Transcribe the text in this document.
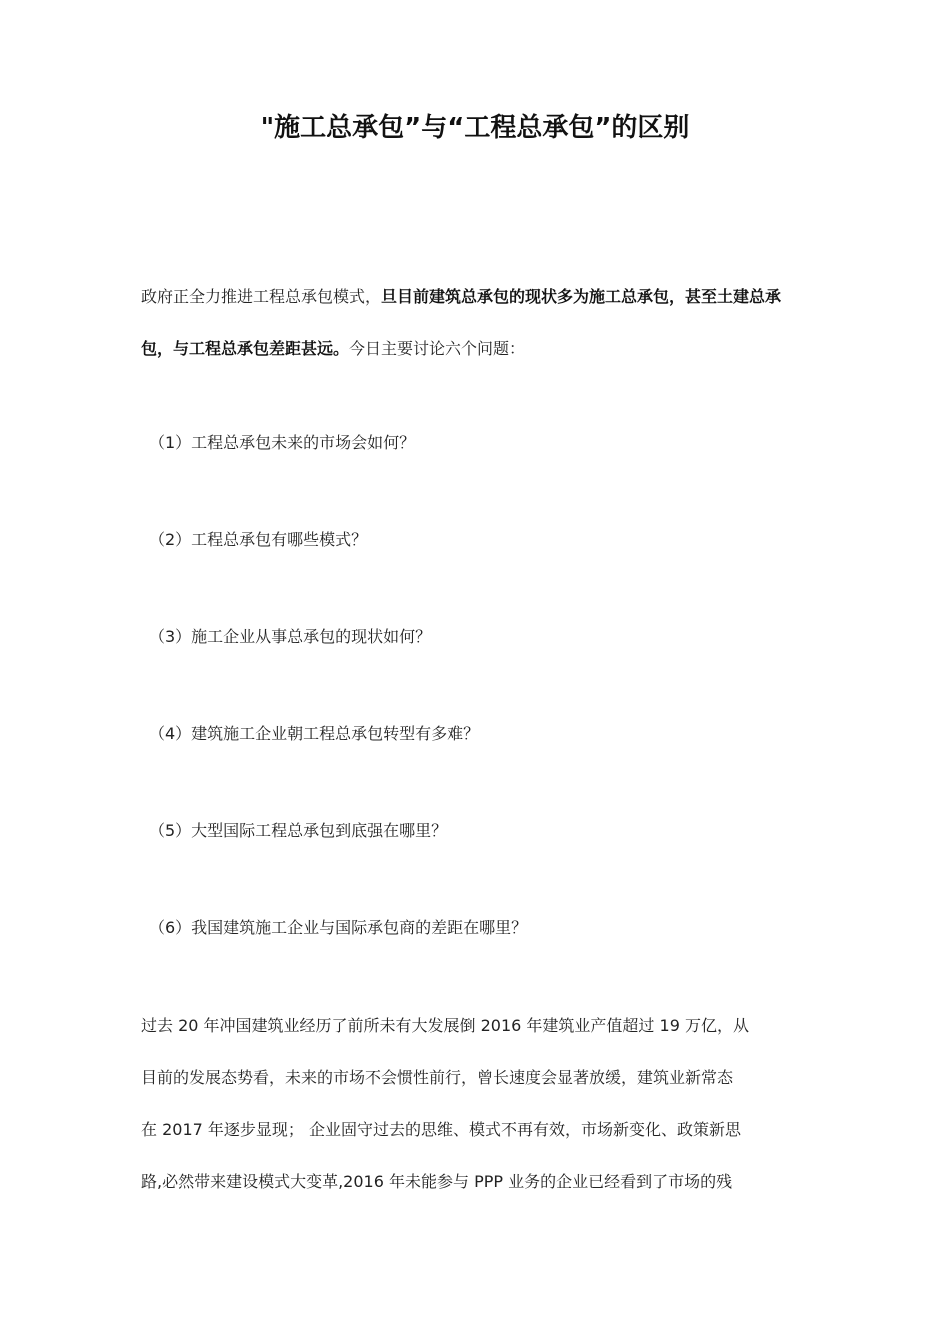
"施工总承包”与“工程总承包”的区别
政府正全力推进工程总承包模式，旦目前建筑总承包的现状多为施工总承包，甚至土建总承包，与工程总承包差距甚远。今日主要讨论六个问题：
（1）工程总承包未来的市场会如何？
（2）工程总承包有哪些模式？
（3）施工企业从事总承包的现状如何？
（4）建筑施工企业朝工程总承包转型有多难？
（5）大型国际工程总承包到底强在哪里？
（6）我国建筑施工企业与国际承包商的差距在哪里？
过去 20 年冲国建筑业经历了前所未有大发展倒 2016 年建筑业产值超过 19 万亿，从
目前的发展态势看，未来的市场不会惯性前行，曾长速度会显著放缓，建筑业新常态
在 2017 年逐步显现； 企业固守过去的思维、模式不再有效，市场新变化、政策新思
路,必然带来建设模式大变革,2016 年未能参与 PPP 业务的企业已经看到了市场的残
